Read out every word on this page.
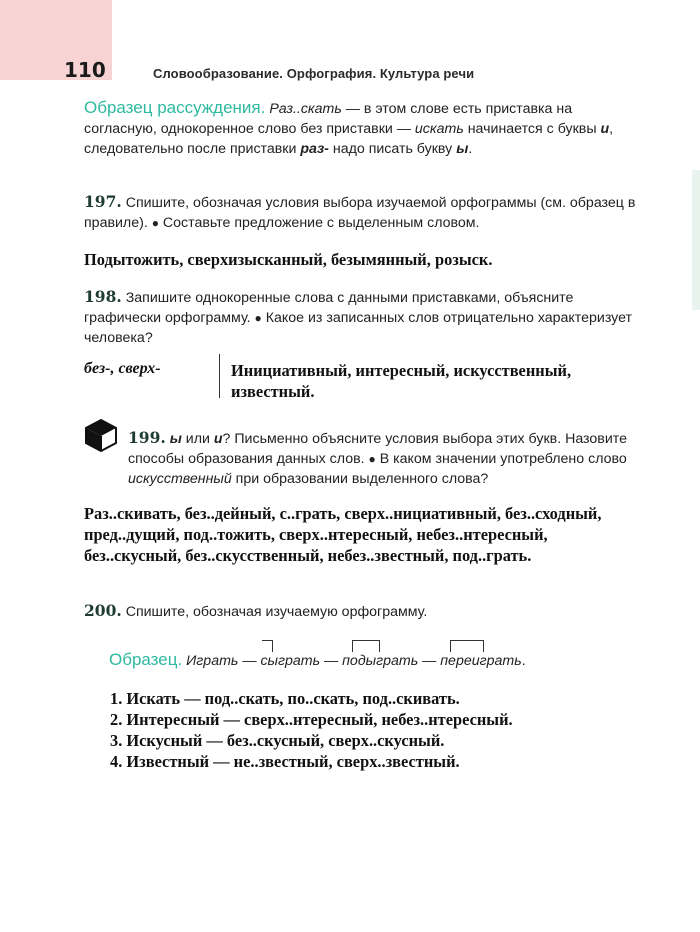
110	Словообразование. Орфография. Культура речи
Образец рассуждения. Раз..скать — в этом слове есть приставка на согласную, однокоренное слово без приставки — искать начинается с буквы и, следовательно после приставки раз- надо писать букву ы.
197. Спишите, обозначая условия выбора изучаемой орфограммы (см. образец в правиле). ● Составьте предложение с выделенным словом.
Подытожить, сверхизысканный, безымянный, розыск.
198. Запишите однокоренные слова с данными приставками, объясните графически орфограмму. ● Какое из записанных слов отрицательно характеризует человека?
без-, сверх-	Инициативный, интересный, искусственный, известный.
199. ы или и? Письменно объясните условия выбора этих букв. Назовите способы образования данных слов. ● В каком значении употреблено слово искусственный при образовании выделенного слова?
Раз..скивать, без..дейный, с..грать, сверх..нициативный, без..сходный, пред..дущий, под..тожить, сверх..нтересный, небез..нтересный, без..скусный, без..скусственный, небез..звестный, под..грать.
200. Спишите, обозначая изучаемую орфограмму.
Образец. Играть — сыграть — подыграть — переиграть.
1. Искать — под..скать, по..скать, под..скивать.
2. Интересный — сверх..нтересный, небез..нтересный.
3. Искусный — без..скусный, сверх..скусный.
4. Известный — не..звестный, сверх..звестный.
